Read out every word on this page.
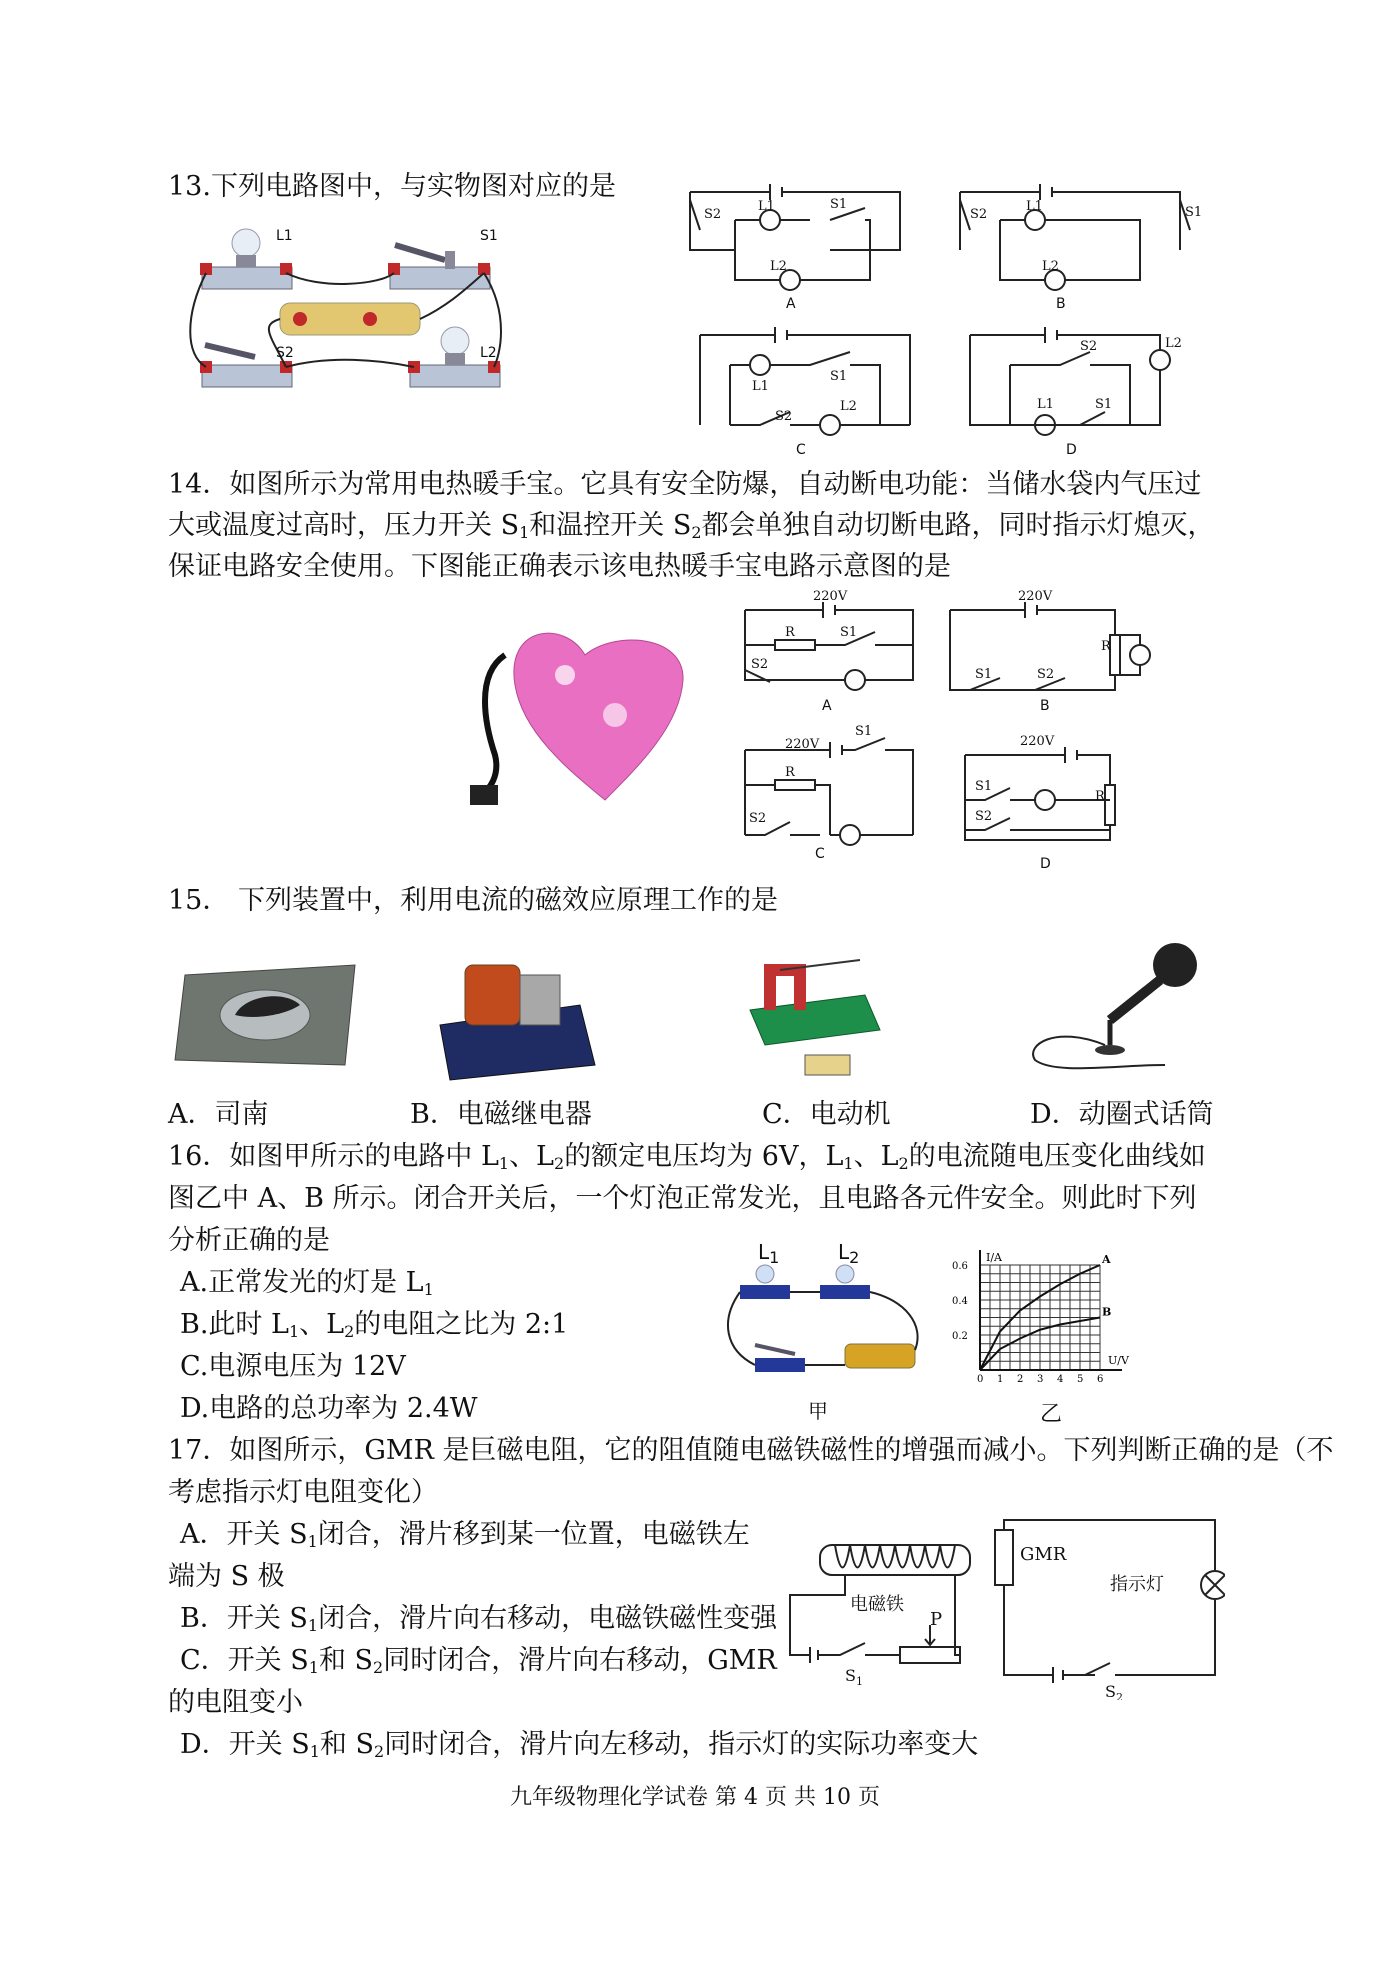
13.下列电路图中，与实物图对应的是
L1	S1
S2	L2
L1	S1
S2
L2
L1	S1
S2
L2
L1
S1
S2
L2
S2	L2
L1	S1
A	B
C	D
14．如图所示为常用电热暖手宝。它具有安全防爆，自动断电功能：当储水袋内气压过
大或温度过高时，压力开关 $S_1$和温控开关 $S_2$都会单独自动切断电路，同时指示灯熄灭，
保证电路安全使用。下图能正确表示该电热暖手宝电路示意图的是
220V	220V
220V	220V
R	S1
S2
R
S1	S2
R
S1
S2
R
S1
S2
A	B
C
D
15． 下列装置中，利用电流的磁效应原理工作的是
A．司南	B．电磁继电器	C．电动机	D．动圈式话筒
16．如图甲所示的电路中 $L_1$、$L_2$的额定电压均为 6V，$L_1$、$L_2$的电流随电压变化曲线如
图乙中 A、B 所示。闭合开关后，一个灯泡正常发光，且电路各元件安全。则此时下列
分析正确的是
A.正常发光的灯是 $L_1$
B.此时 $L_1$、$L_2$的电阻之比为 2:1
C.电源电压为 12V
D.电路的总功率为 2.4W
$L_1$	$L_2$
甲
0 1 2 3 4 5 6
0.2
0.4
0.6
I/A
U/V
A
B
乙
17．如图所示，GMR 是巨磁电阻，它的阻值随电磁铁磁性的增强而减小。下列判断正确的是（不
考虑指示灯电阻变化）
A．开关 $S_1$闭合，滑片移到某一位置，电磁铁左
端为 S 极
B．开关 $S_1$闭合，滑片向右移动，电磁铁磁性变强
C．开关 $S_1$和 $S_2$同时闭合，滑片向右移动，GMR
的电阻变小
D．开关 $S_1$和 $S_2$同时闭合，滑片向左移动，指示灯的实际功率变大
电磁铁
P
GMR
指示灯
$S_1$
$S_2$
九年级物理化学试卷 第 4 页 共 10 页
